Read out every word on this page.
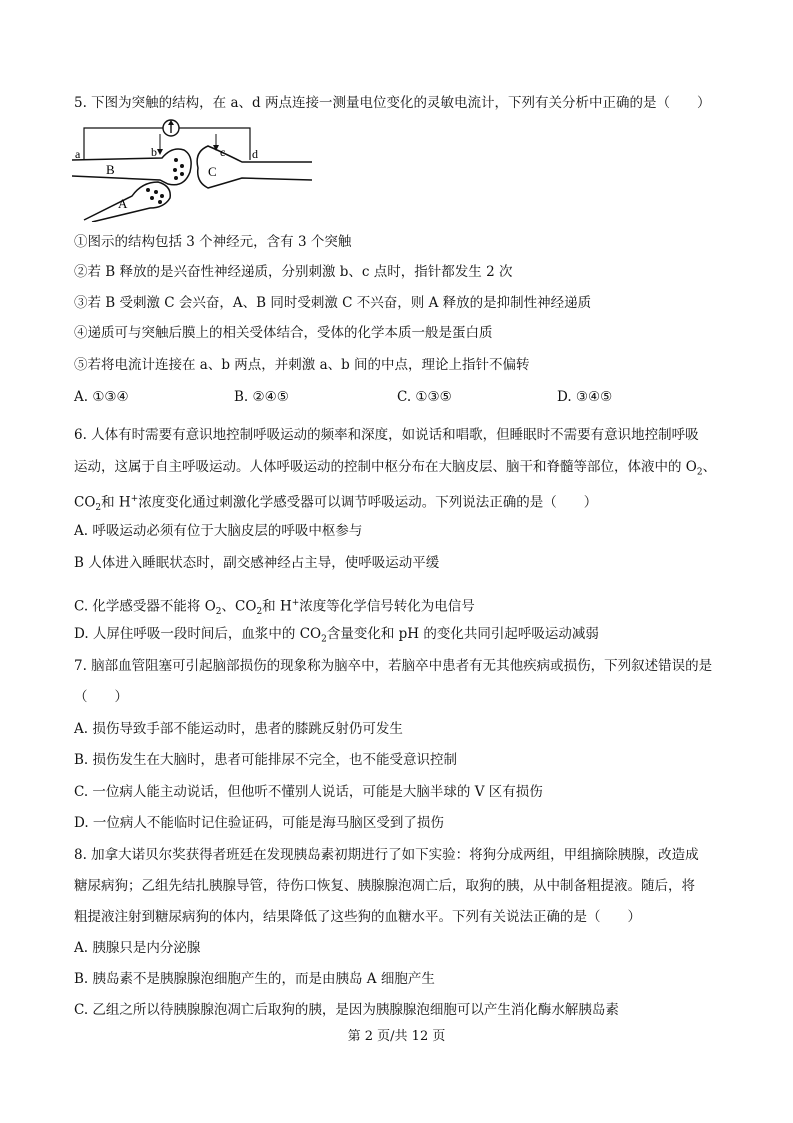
5. 下图为突触的结构，在 a、d 两点连接一测量电位变化的灵敏电流计，下列有关分析中正确的是（　　）
a	b	c d
B	C
A
①图示的结构包括 3 个神经元，含有 3 个突触
②若 B 释放的是兴奋性神经递质，分别刺激 b、c 点时，指针都发生 2 次
③若 B 受刺激 C 会兴奋，A、B 同时受刺激 C 不兴奋，则 A 释放的是抑制性神经递质
④递质可与突触后膜上的相关受体结合，受体的化学本质一般是蛋白质
⑤若将电流计连接在 a、b 两点，并刺激 a、b 间的中点，理论上指针不偏转
A. ①③④	B. ②④⑤	C. ①③⑤	D. ③④⑤
6. 人体有时需要有意识地控制呼吸运动的频率和深度，如说话和唱歌，但睡眠时不需要有意识地控制呼吸
运动，这属于自主呼吸运动。人体呼吸运动的控制中枢分布在大脑皮层、脑干和脊髓等部位，体液中的 $O_2$、
$CO_2$和 H+浓度变化通过刺激化学感受器可以调节呼吸运动。下列说法正确的是（　　）
A. 呼吸运动必须有位于大脑皮层的呼吸中枢参与
B 人体进入睡眠状态时，副交感神经占主导，使呼吸运动平缓
C. 化学感受器不能将 $O_2$、$CO_2$和 H+浓度等化学信号转化为电信号
D. 人屏住呼吸一段时间后，血浆中的 $CO_2$含量变化和 pH 的变化共同引起呼吸运动减弱
7. 脑部血管阻塞可引起脑部损伤的现象称为脑卒中，若脑卒中患者有无其他疾病或损伤，下列叙述错误的是
（　　）
A. 损伤导致手部不能运动时，患者的膝跳反射仍可发生
B. 损伤发生在大脑时，患者可能排尿不完全，也不能受意识控制
C. 一位病人能主动说话，但他听不懂别人说话，可能是大脑半球的 V 区有损伤
D. 一位病人不能临时记住验证码，可能是海马脑区受到了损伤
8. 加拿大诺贝尔奖获得者班廷在发现胰岛素初期进行了如下实验：将狗分成两组，甲组摘除胰腺，改造成
糖尿病狗；乙组先结扎胰腺导管，待伤口恢复、胰腺腺泡凋亡后，取狗的胰，从中制备粗提液。随后，将
粗提液注射到糖尿病狗的体内，结果降低了这些狗的血糖水平。下列有关说法正确的是（　　）
A. 胰腺只是内分泌腺
B. 胰岛素不是胰腺腺泡细胞产生的，而是由胰岛 A 细胞产生
C. 乙组之所以待胰腺腺泡凋亡后取狗的胰，是因为胰腺腺泡细胞可以产生消化酶水解胰岛素
第 2 页/共 12 页
